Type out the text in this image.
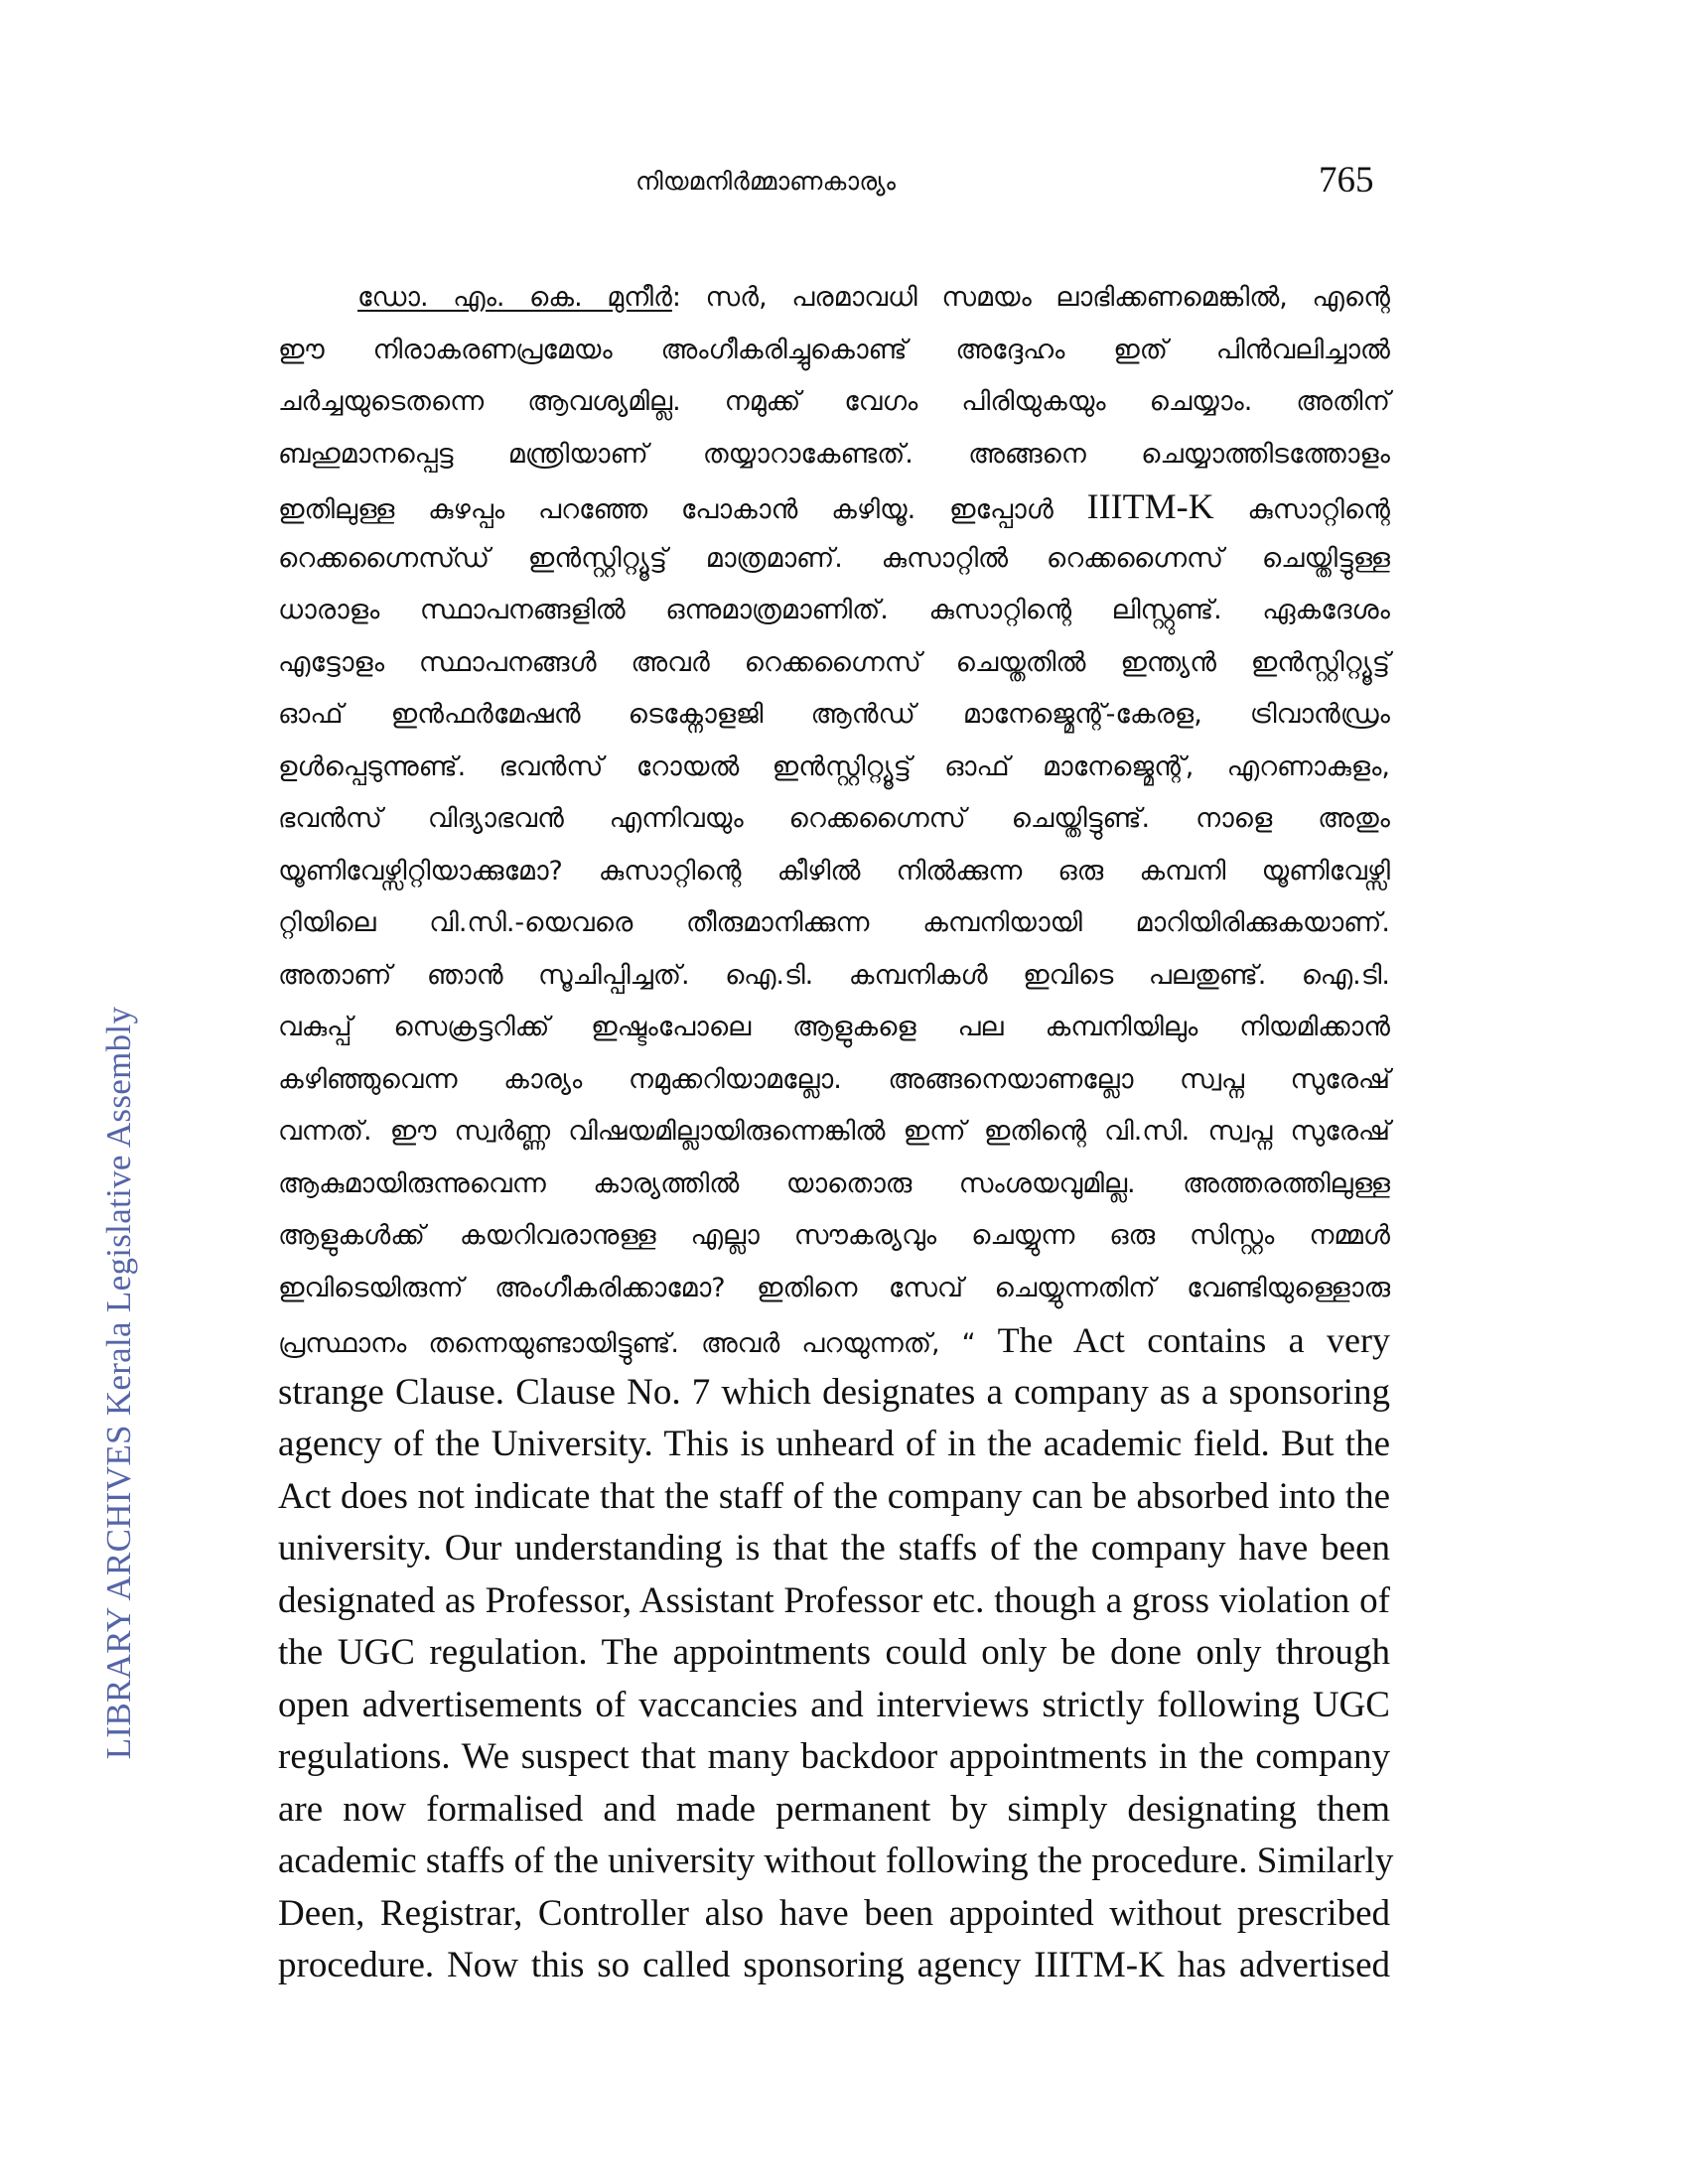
നിയമനിർമ്മാണകാര്യം	765
LIBRARY ARCHIVES Kerala Legislative Assembly
ഡോ. എം. കെ. മുനീർ: സർ, പരമാവധി സമയം ലാഭിക്കണമെങ്കിൽ, എന്റെ
ഈ നിരാകരണപ്രമേയം അംഗീകരിച്ചുകൊണ്ട് അദ്ദേഹം ഇത് പിൻവലിച്ചാൽ
ചർച്ചയുടെതന്നെ ആവശ്യമില്ല. നമുക്ക് വേഗം പിരിയുകയും ചെയ്യാം. അതിന്
ബഹുമാനപ്പെട്ട മന്ത്രിയാണ് തയ്യാറാകേണ്ടത്. അങ്ങനെ ചെയ്യാത്തിടത്തോളം
ഇതിലുള്ള കുഴപ്പം പറഞ്ഞേ പോകാൻ കഴിയൂ. ഇപ്പോൾ IIITM-K കുസാറ്റിന്റെ
റെക്കഗ്നൈസ്ഡ് ഇൻസ്റ്റിറ്റ്യൂട്ട് മാത്രമാണ്. കുസാറ്റിൽ റെക്കഗ്നൈസ് ചെയ്തിട്ടുള്ള
ധാരാളം സ്ഥാപനങ്ങളിൽ ഒന്നുമാത്രമാണിത്. കുസാറ്റിന്റെ ലിസ്റ്റുണ്ട്. ഏകദേശം
എട്ടോളം സ്ഥാപനങ്ങൾ അവർ റെക്കഗ്നൈസ് ചെയ്തതിൽ ഇന്ത്യൻ ഇൻസ്റ്റിറ്റ്യൂട്ട്
ഓഫ് ഇൻഫർമേഷൻ ടെക്നോളജി ആൻഡ് മാനേജ്മെന്റ്-കേരള, ട്രിവാൻഡ്രം
ഉൾപ്പെടുന്നുണ്ട്. ഭവൻസ് റോയൽ ഇൻസ്റ്റിറ്റ്യൂട്ട് ഓഫ് മാനേജ്മെന്റ്, എറണാകുളം,
ഭവൻസ് വിദ്യാഭവൻ എന്നിവയും റെക്കഗ്നൈസ് ചെയ്തിട്ടുണ്ട്. നാളെ അതും
യൂണിവേഴ്സിറ്റിയാക്കുമോ? കുസാറ്റിന്റെ കീഴിൽ നിൽക്കുന്ന ഒരു കമ്പനി യൂണിവേഴ്സി
റ്റിയിലെ വി.സി.-യെവരെ തീരുമാനിക്കുന്ന കമ്പനിയായി മാറിയിരിക്കുകയാണ്.
അതാണ് ഞാൻ സൂചിപ്പിച്ചത്. ഐ.ടി. കമ്പനികൾ ഇവിടെ പലതുണ്ട്. ഐ.ടി.
വകുപ്പ് സെക്രട്ടറിക്ക് ഇഷ്ടംപോലെ ആളുകളെ പല കമ്പനിയിലും നിയമിക്കാൻ
കഴിഞ്ഞുവെന്ന കാര്യം നമുക്കറിയാമല്ലോ. അങ്ങനെയാണല്ലോ സ്വപ്ന സുരേഷ്
വന്നത്. ഈ സ്വർണ്ണ വിഷയമില്ലായിരുന്നെങ്കിൽ ഇന്ന് ഇതിന്റെ വി.സി. സ്വപ്ന സുരേഷ്
ആകുമായിരുന്നുവെന്ന കാര്യത്തിൽ യാതൊരു സംശയവുമില്ല. അത്തരത്തിലുള്ള
ആളുകൾക്ക് കയറിവരാനുള്ള എല്ലാ സൗകര്യവും ചെയ്യുന്ന ഒരു സിസ്റ്റം നമ്മൾ
ഇവിടെയിരുന്ന് അംഗീകരിക്കാമോ? ഇതിനെ സേവ് ചെയ്യുന്നതിന് വേണ്ടിയുള്ളൊരു
പ്രസ്ഥാനം തന്നെയുണ്ടായിട്ടുണ്ട്. അവർ പറയുന്നത്, “ The Act contains a very
strange Clause. Clause No. 7 which designates a company as a sponsoring
agency of the University. This is unheard of in the academic field. But the
Act does not indicate that the staff of the company can be absorbed into the
university. Our understanding is that the staffs of the company have been
designated as Professor, Assistant Professor etc. though a gross violation of
the UGC regulation. The appointments could only be done only through
open advertisements of vaccancies and interviews strictly following UGC
regulations. We suspect that many backdoor appointments in the company
are now formalised and made permanent by simply designating them
academic staffs of the university without following the procedure. Similarly
Deen, Registrar, Controller also have been appointed without prescribed
procedure. Now this so called sponsoring agency IIITM-K has advertised
